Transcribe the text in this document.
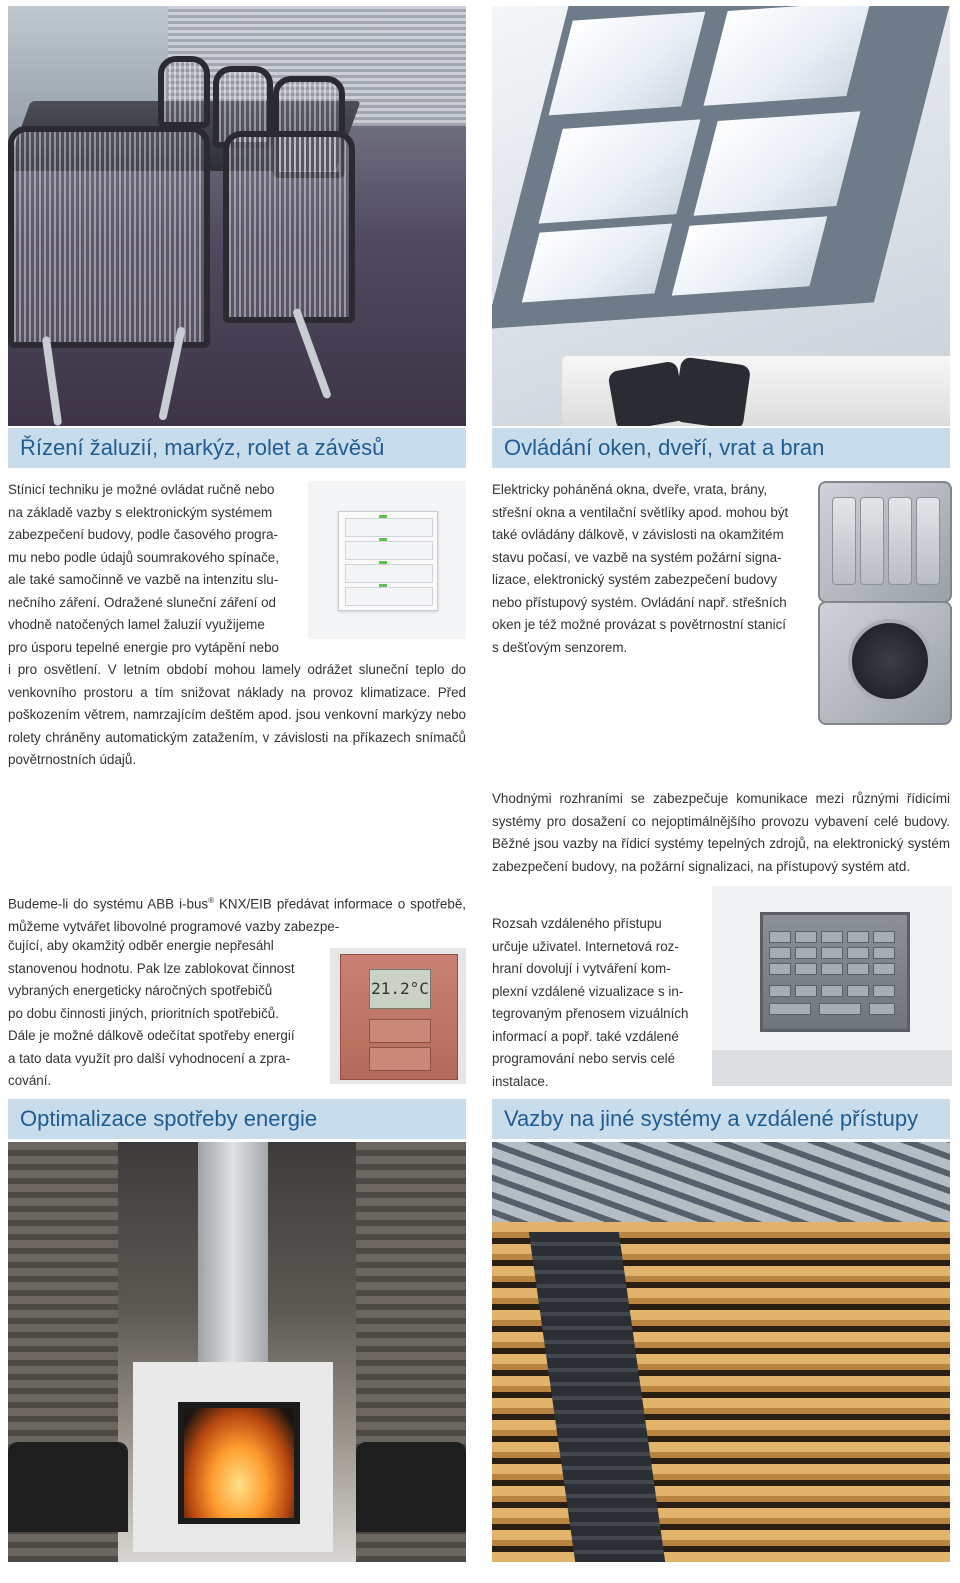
Řízení žaluzií, markýz, rolet a závěsů	Ovládání oken, dveří, vrat a bran
Stínicí techniku je možné ovládat ručně nebo
na základě vazby s elektronickým systémem
zabezpečení budovy, podle časového progra-
mu nebo podle údajů soumrakového spínače,
ale také samočinně ve vazbě na intenzitu slu-
nečního záření. Odražené sluneční záření od
vhodně natočených lamel žaluzií využijeme
pro úsporu tepelné energie pro vytápění nebo

i pro osvětlení. V letním období mohou lamely odrážet sluneční teplo do venkovního prostoru a tím snižovat náklady na provoz klimatizace. Před poškozením větrem, namrzajícím deštěm apod. jsou venkovní markýzy nebo rolety chráněny automatickým zatažením, v závislosti na příkazech snímačů povětrnostních údajů.

Elektricky poháněná okna, dveře, vrata, brány,
střešní okna a ventilační světlíky apod. mohou být
také ovládány dálkově, v závislosti na okamžitém
stavu počasí, ve vazbě na systém požární signa-
lizace, elektronický systém zabezpečení budovy
nebo přístupový systém. Ovládání např. střešních
oken je též možné provázat s povětrnostní stanicí
s dešťovým senzorem.

Vhodnými rozhraními se zabezpečuje komunikace mezi různými řídicími systémy pro dosažení co nejoptimálnějšího provozu vybavení celé budovy. Běžné jsou vazby na řídicí systémy tepelných zdrojů, na elektronický systém zabezpečení budovy, na požární signalizaci, na přístupový systém atd.

Rozsah vzdáleného přístupu
určuje uživatel. Internetová roz-
hraní dovolují i vytváření kom-
plexní vzdálené vizualizace s in-
tegrovaným přenosem vizuálních
informací a popř. také vzdálené
programování nebo servis celé
instalace.

Budeme-li do systému ABB i-bus® KNX/EIB předávat informace o spotřebě, můžeme vytvářet libovolné programové vazby zabezpe-

čující, aby okamžitý odběr energie nepřesáhl
stanovenou hodnotu. Pak lze zablokovat činnost
vybraných energeticky náročných spotřebičů
po dobu činnosti jiných, prioritních spotřebičů.
Dále je možné dálkově odečítat spotřeby energií
a tato data využít pro další vyhodnocení a zpra-
cování.
21.2°C
Optimalizace spotřeby energie	Vazby na jiné systémy a vzdálené přístupy
